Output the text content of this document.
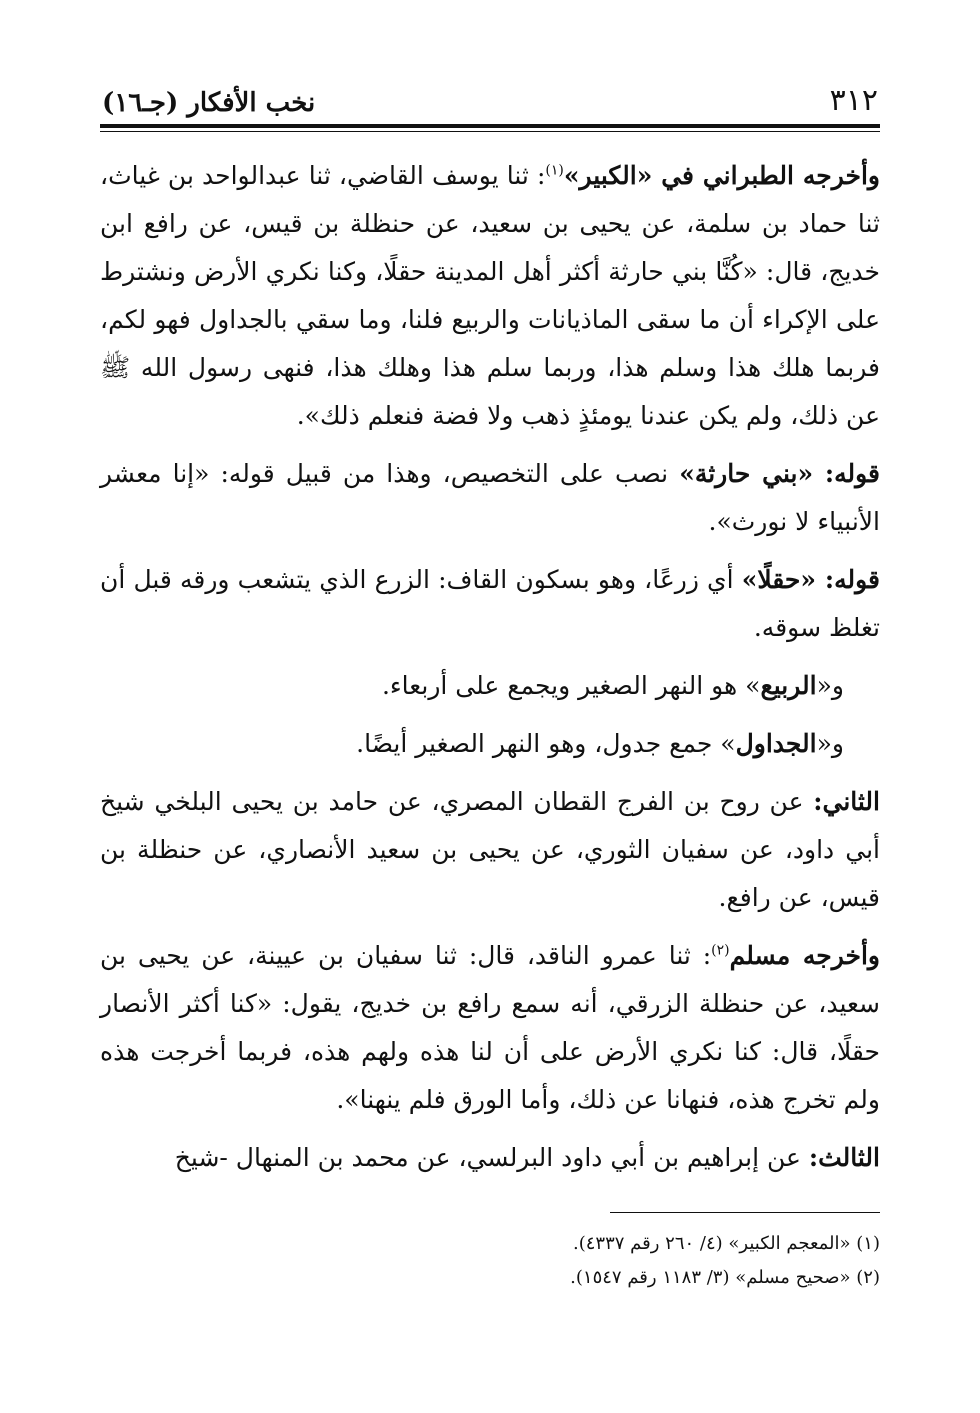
٣١٢
نخب الأفكار (جـ١٦)

وأخرجه الطبراني في «الكبير»$^{(١)}$: ثنا يوسف القاضي، ثنا عبدالواحد بن غياث، ثنا حماد بن سلمة، عن يحيى بن سعيد، عن حنظلة بن قيس، عن رافع ابن خديج، قال: «كُنَّا بني حارثة أكثر أهل المدينة حقلًا، وكنا نكري الأرض ونشترط على الإكراء أن ما سقى الماذيانات والربيع فلنا، وما سقي بالجداول فهو لكم، فربما هلك هذا وسلم هذا، وربما سلم هذا وهلك هذا، فنهى رسول الله ﷺ عن ذلك، ولم يكن عندنا يومئذٍ ذهب ولا فضة فنعلم ذلك».

قوله: «بني حارثة» نصب على التخصيص، وهذا من قبيل قوله: «إنا معشر الأنبياء لا نورث».

قوله: «حقلًا» أي زرعًا، وهو بسكون القاف: الزرع الذي يتشعب ورقه قبل أن تغلظ سوقه.

و«الربيع» هو النهر الصغير ويجمع على أربعاء.

و«الجداول» جمع جدول، وهو النهر الصغير أيضًا.

الثاني: عن روح بن الفرج القطان المصري، عن حامد بن يحيى البلخي شيخ أبي داود، عن سفيان الثوري، عن يحيى بن سعيد الأنصاري، عن حنظلة بن قيس، عن رافع.

وأخرجه مسلم$^{(٢)}$: ثنا عمرو الناقد، قال: ثنا سفيان بن عيينة، عن يحيى بن سعيد، عن حنظلة الزرقي، أنه سمع رافع بن خديج، يقول: «كنا أكثر الأنصار حقلًا، قال: كنا نكري الأرض على أن لنا هذه ولهم هذه، فربما أخرجت هذه ولم تخرج هذه، فنهانا عن ذلك، وأما الورق فلم ينهنا».

الثالث: عن إبراهيم بن أبي داود البرلسي، عن محمد بن المنهال -شيخ

(١) «المعجم الكبير» (٤/ ٢٦٠ رقم ٤٣٣٧).
(٢) «صحيح مسلم» (٣/ ١١٨٣ رقم ١٥٤٧).
